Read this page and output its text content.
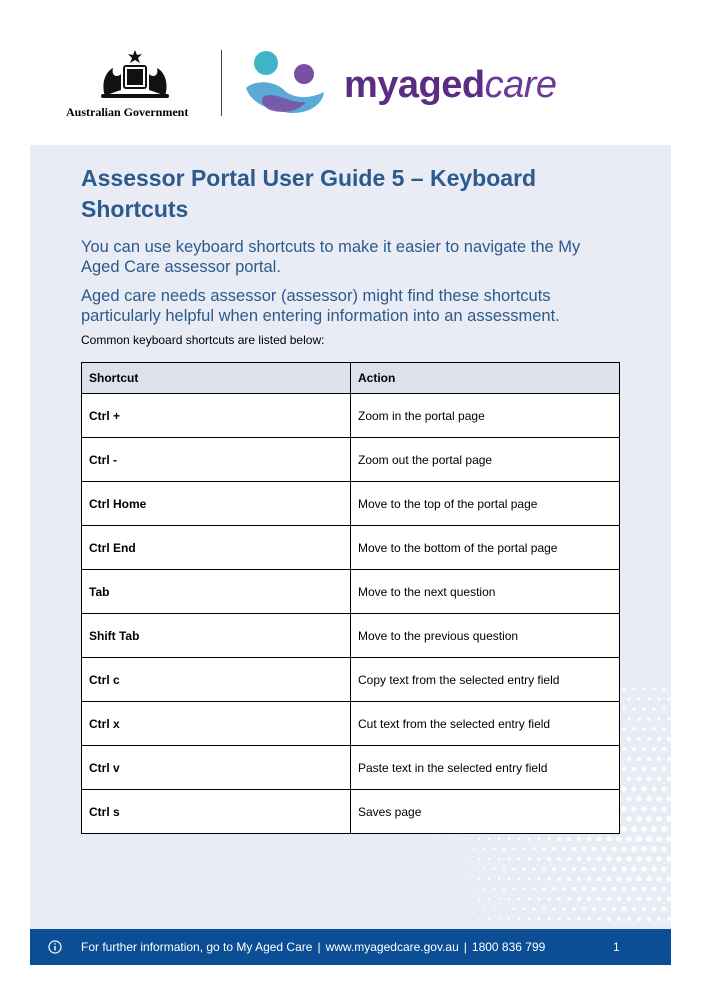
Australian Government
myagedcare
Assessor Portal User Guide 5 – Keyboard Shortcuts

You can use keyboard shortcuts to make it easier to navigate the My Aged Care assessor portal.

Aged care needs assessor (assessor) might find these shortcuts particularly helpful when entering information into an assessment.

Common keyboard shortcuts are listed below:

Shortcut	Action
Ctrl +	Zoom in the portal page
Ctrl -	Zoom out the portal page
Ctrl Home	Move to the top of the portal page
Ctrl End	Move to the bottom of the portal page
Tab	Move to the next question
Shift Tab	Move to the previous question
Ctrl c	Copy text from the selected entry field
Ctrl x	Cut text from the selected entry field
Ctrl v	Paste text in the selected entry field
Ctrl s	Saves page
For further information, go to My Aged Care | www.myagedcare.gov.au | 1800 836 799	1
